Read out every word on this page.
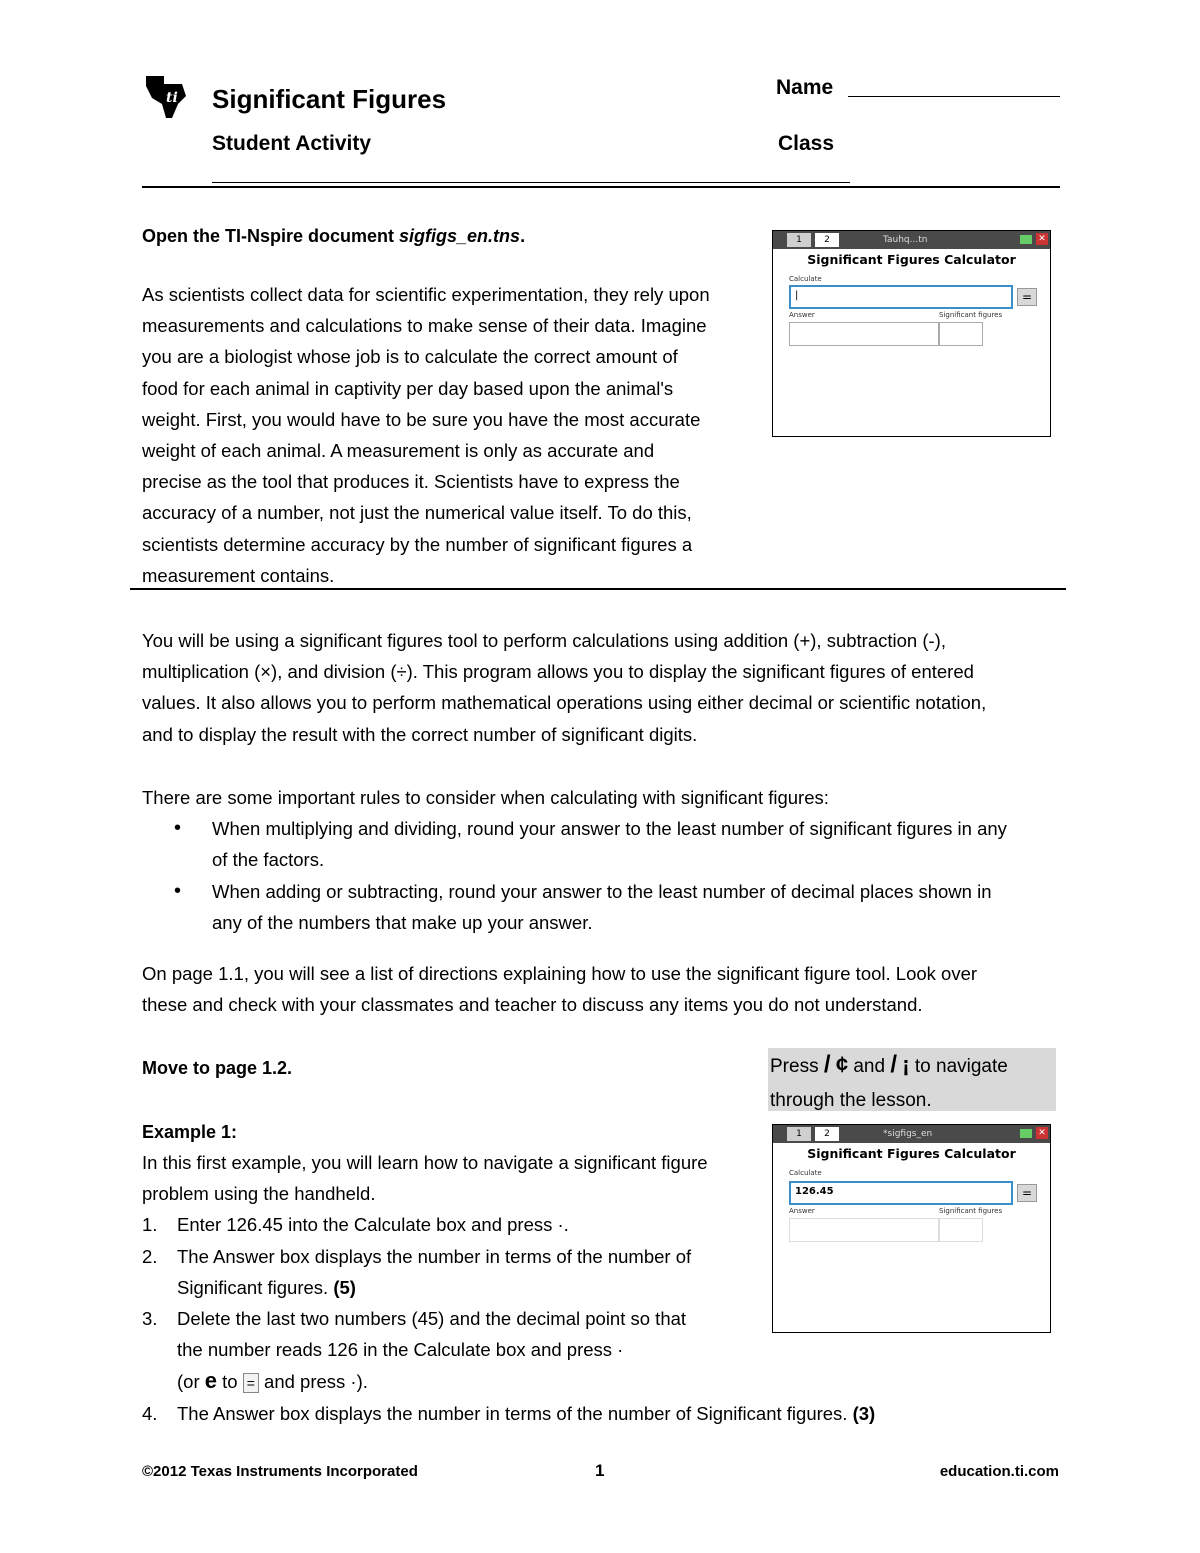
ti Significant Figures
Student Activity
Name
Class
Open the TI-Nspire document sigfigs_en.tns.
As scientists collect data for scientific experimentation, they rely upon
measurements and calculations to make sense of their data. Imagine
you are a biologist whose job is to calculate the correct amount of
food for each animal in captivity per day based upon the animal's
weight. First, you would have to be sure you have the most accurate
weight of each animal. A measurement is only as accurate and
precise as the tool that produces it. Scientists have to express the
accuracy of a number, not just the numerical value itself. To do this,
scientists determine accuracy by the number of significant figures a
measurement contains.
1	2	Tauhq...tn	✕
Significant Figures Calculator
Calculate
|	=
Answer	Significant figures
You will be using a significant figures tool to perform calculations using addition (+), subtraction (-),
multiplication (×), and division (÷). This program allows you to display the significant figures of entered
values. It also allows you to perform mathematical operations using either decimal or scientific notation,
and to display the result with the correct number of significant digits.
There are some important rules to consider when calculating with significant figures:
• When multiplying and dividing, round your answer to the least number of significant figures in any
of the factors.
• When adding or subtracting, round your answer to the least number of decimal places shown in
any of the numbers that make up your answer.
On page 1.1, you will see a list of directions explaining how to use the significant figure tool. Look over
these and check with your classmates and teacher to discuss any items you do not understand.
Move to page 1.2.	Press / ¢ and / ¡ to navigate
through the lesson.
Example 1:
In this first example, you will learn how to navigate a significant figure
problem using the handheld.
1. Enter 126.45 into the Calculate box and press ·.
2. The Answer box displays the number in terms of the number of
Significant figures. (5)
3. Delete the last two numbers (45) and the decimal point so that
the number reads 126 in the Calculate box and press ·
(or e to = and press ·).
4. The Answer box displays the number in terms of the number of Significant figures. (3)
1	2	*sigfigs_en	✕
Significant Figures Calculator
Calculate
126.45	=
Answer	Significant figures
©2012 Texas Instruments Incorporated	1	education.ti.com
